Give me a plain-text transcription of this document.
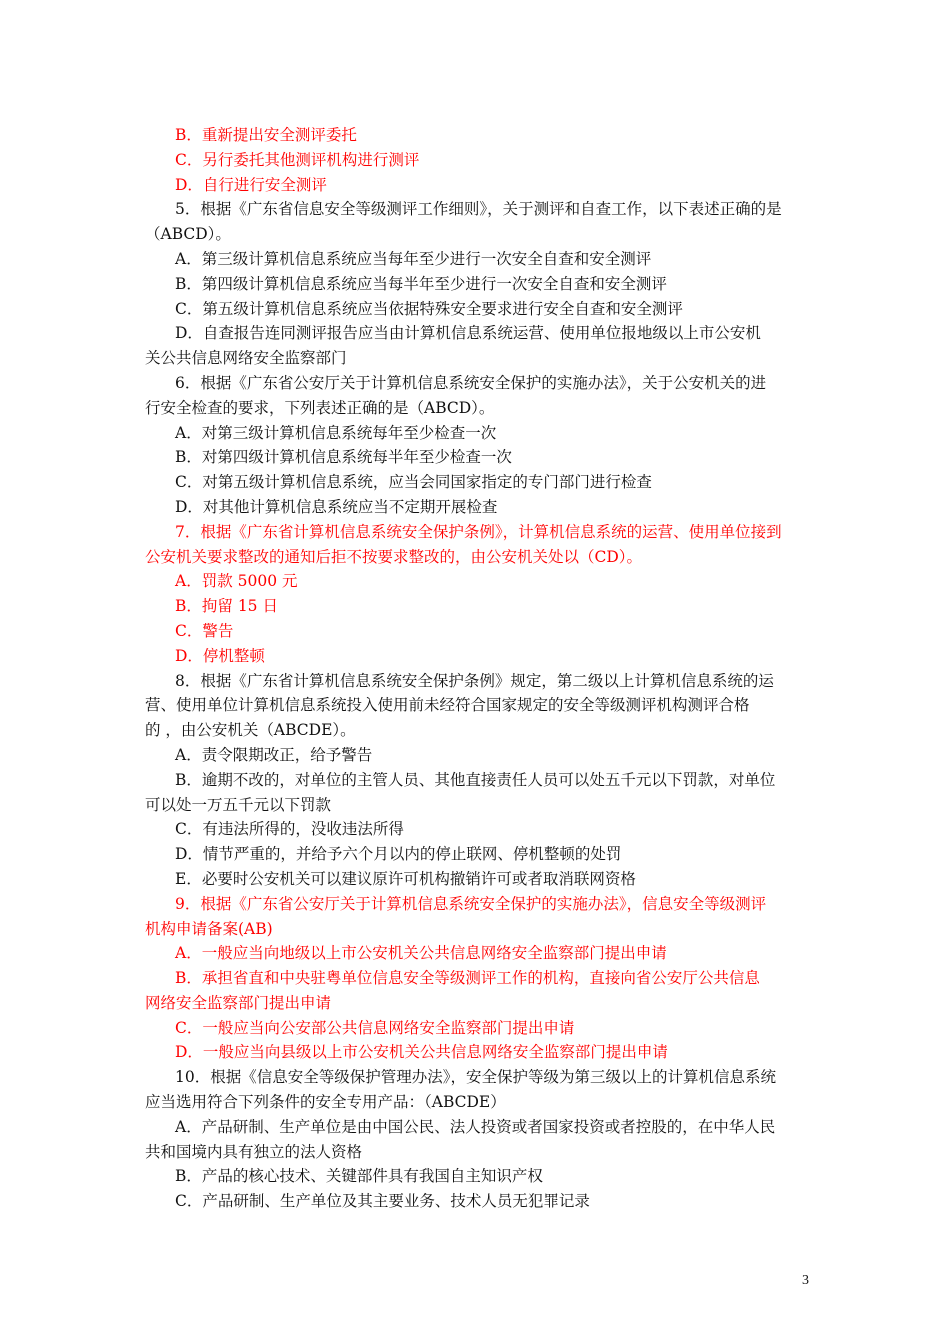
B．重新提出安全测评委托
C．另行委托其他测评机构进行测评
D．自行进行安全测评
5．根据《广东省信息安全等级测评工作细则》，关于测评和自查工作，以下表述正确的是
（ABCD）。
A．第三级计算机信息系统应当每年至少进行一次安全自查和安全测评
B．第四级计算机信息系统应当每半年至少进行一次安全自查和安全测评
C．第五级计算机信息系统应当依据特殊安全要求进行安全自查和安全测评
D．自查报告连同测评报告应当由计算机信息系统运营、使用单位报地级以上市公安机
关公共信息网络安全监察部门
6．根据《广东省公安厅关于计算机信息系统安全保护的实施办法》，关于公安机关的进
行安全检查的要求，下列表述正确的是（ABCD）。
A．对第三级计算机信息系统每年至少检查一次
B．对第四级计算机信息系统每半年至少检查一次
C．对第五级计算机信息系统，应当会同国家指定的专门部门进行检查
D．对其他计算机信息系统应当不定期开展检查
7．根据《广东省计算机信息系统安全保护条例》，计算机信息系统的运营、使用单位接到
公安机关要求整改的通知后拒不按要求整改的，由公安机关处以（CD）。
A．罚款 5000 元
B．拘留 15 日
C．警告
D．停机整顿
8．根据《广东省计算机信息系统安全保护条例》规定，第二级以上计算机信息系统的运
营、使用单位计算机信息系统投入使用前未经符合国家规定的安全等级测评机构测评合格
的 ，由公安机关（ABCDE）。
A．责令限期改正，给予警告
B．逾期不改的，对单位的主管人员、其他直接责任人员可以处五千元以下罚款，对单位
可以处一万五千元以下罚款
C．有违法所得的，没收违法所得
D．情节严重的，并给予六个月以内的停止联网、停机整顿的处罚
E．必要时公安机关可以建议原许可机构撤销许可或者取消联网资格
9．根据《广东省公安厅关于计算机信息系统安全保护的实施办法》，信息安全等级测评
机构申请备案(AB)
A．一般应当向地级以上市公安机关公共信息网络安全监察部门提出申请
B．承担省直和中央驻粤单位信息安全等级测评工作的机构，直接向省公安厅公共信息
网络安全监察部门提出申请
C．一般应当向公安部公共信息网络安全监察部门提出申请
D．一般应当向县级以上市公安机关公共信息网络安全监察部门提出申请
10．根据《信息安全等级保护管理办法》，安全保护等级为第三级以上的计算机信息系统
应当选用符合下列条件的安全专用产品：（ABCDE）
A．产品研制、生产单位是由中国公民、法人投资或者国家投资或者控股的，在中华人民
共和国境内具有独立的法人资格
B．产品的核心技术、关键部件具有我国自主知识产权
C．产品研制、生产单位及其主要业务、技术人员无犯罪记录
3
